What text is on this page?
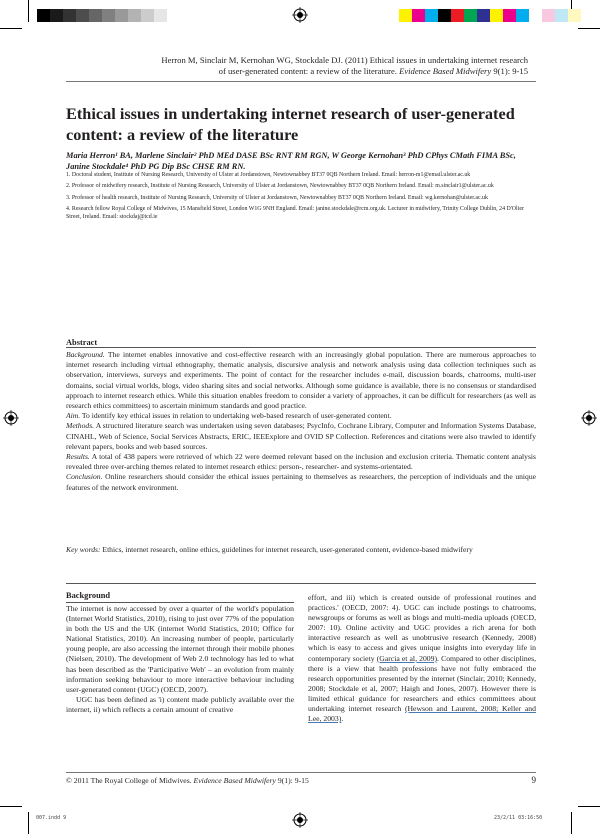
Herron M, Sinclair M, Kernohan WG, Stockdale DJ. (2011) Ethical issues in undertaking internet research
of user-generated content: a review of the literature. Evidence Based Midwifery 9(1): 9-15
Ethical issues in undertaking internet research of user-generated content: a review of the literature
Maria Herron¹ BA, Marlene Sinclair² PhD MEd DASE BSc RNT RM RGN, W George Kernohan³ PhD CPhys CMath FIMA BSc,
Janine Stockdale⁴ PhD PG Dip BSc CHSE RM RN.

1. Doctoral student, Institute of Nursing Research, University of Ulster at Jordanstown, Newtownabbey BT37 0QB Northern Ireland. Email: herron-m1@email.ulster.ac.uk

2. Professor of midwifery research, Institute of Nursing Research, University of Ulster at Jordanstown, Newtownabbey BT37 0QB Northern Ireland. Email: m.sinclair1@ulster.ac.uk

3. Professor of health research, Institute of Nursing Research, University of Ulster at Jordanstown, Newtownabbey BT37 0QB Northern Ireland. Email: wg.kernohan@ulster.ac.uk

4. Research fellow Royal College of Midwives, 15 Mansfield Street, London W1G 9NH England. Email: janine.stockdale@rcm.org.uk. Lecturer in midwifery, Trinity College Dublin, 24 D'Olier Street, Ireland. Email: stockdaj@tcd.ie

Abstract

Background. The internet enables innovative and cost-effective research with an increasingly global population. There are numerous approaches to internet research including virtual ethnography, thematic analysis, discursive analysis and network analysis using data collection techniques such as observation, interviews, surveys and experiments. The point of contact for the researcher includes e-mail, discussion boards, chatrooms, multi-user domains, social virtual worlds, blogs, video sharing sites and social networks. Although some guidance is available, there is no consensus or standardised approach to internet research ethics. While this situation enables freedom to consider a variety of approaches, it can be difficult for researchers (as well as research ethics committees) to ascertain minimum standards and good practice.

Aim. To identify key ethical issues in relation to undertaking web-based research of user-generated content.

Methods. A structured literature search was undertaken using seven databases; PsycInfo, Cochrane Library, Computer and Information Systems Database, CINAHL, Web of Science, Social Services Abstracts, ERIC, IEEExplore and OVID SP Collection. References and citations were also trawled to identify relevant papers, books and web based sources.

Results. A total of 438 papers were retrieved of which 22 were deemed relevant based on the inclusion and exclusion criteria. Thematic content analysis revealed three over-arching themes related to internet research ethics: person-, researcher- and systems-orientated.

Conclusion. Online researchers should consider the ethical issues pertaining to themselves as researchers, the perception of individuals and the unique features of the network environment.

Key words: Ethics, internet research, online ethics, guidelines for internet research, user-generated content, evidence-based midwifery
Background

The internet is now accessed by over a quarter of the world's population (Internet World Statistics, 2010), rising to just over 77% of the population in both the US and the UK (internet World Statistics, 2010; Office for National Statistics, 2010). An increasing number of people, particularly young people, are also accessing the internet through their mobile phones (Nielsen, 2010). The development of Web 2.0 technology has led to what has been described as the 'Participative Web' – an evolution from mainly information seeking behaviour to more interactive behaviour including user-generated content (UGC) (OECD, 2007).

UGC has been defined as 'i) content made publicly available over the internet, ii) which reflects a certain amount of creative

effort, and iii) which is created outside of professional routines and practices.' (OECD, 2007: 4). UGC can include postings to chatrooms, newsgroups or forums as well as blogs and multi-media uploads (OECD, 2007: 10). Online activity and UGC provides a rich arena for both interactive research as well as unobtrusive research (Kennedy, 2008) which is easy to access and gives unique insights into everyday life in contemporary society (Garcia et al, 2009). Compared to other disciplines, there is a view that health professions have not fully embraced the research opportunities presented by the internet (Sinclair, 2010; Kennedy, 2008; Stockdale et al, 2007; Haigh and Jones, 2007). However there is limited ethical guidance for researchers and ethics committees about undertaking internet research (Hewson and Laurent, 2008; Keller and Lee, 2003).

© 2011 The Royal College of Midwives. Evidence Based Midwifery 9(1): 9-15	9
007.indd 9	23/2/11 03:16:50
